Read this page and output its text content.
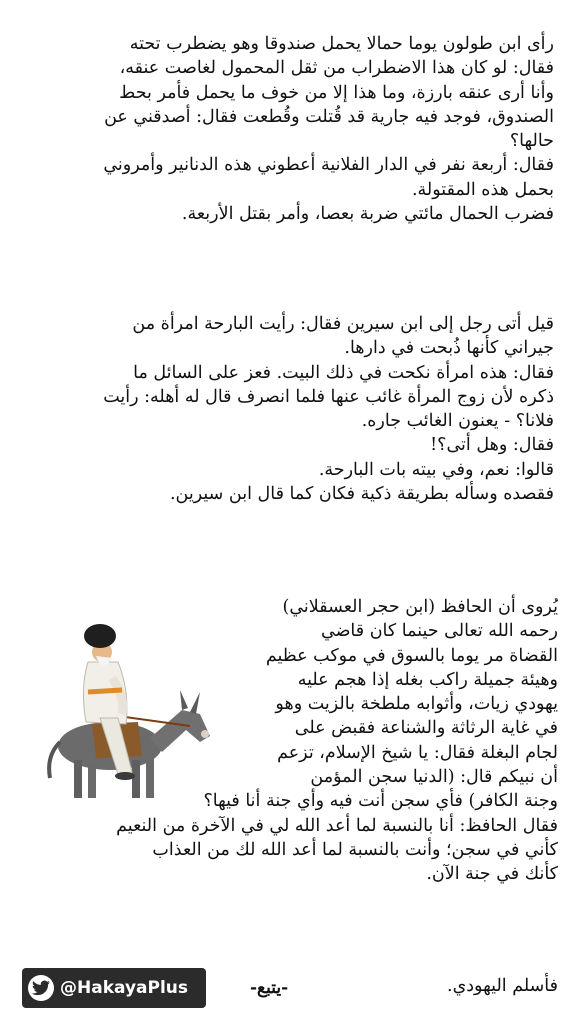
رأى ابن طولون يوما حمالا يحمل صندوقا وهو يضطرب تحته

فقال: لو كان هذا الاضطراب من ثقل المحمول لغاصت عنقه،

وأنا أرى عنقه بارزة، وما هذا إلا من خوف ما يحمل فأمر بحط

الصندوق، فوجد فيه جارية قد قُتلت وقُطعت فقال: أصدقني عن

حالها؟

فقال: أربعة نفر في الدار الفلانية أعطوني هذه الدنانير وأمروني

بحمل هذه المقتولة.

فضرب الحمال مائتي ضربة بعصا، وأمر بقتل الأربعة.

قيل أتى رجل إلى ابن سيرين فقال: رأيت البارحة امرأة من

جيراني كأنها ذُبحت في دارها.

فقال: هذه امرأة نكحت في ذلك البيت. فعز على السائل ما

ذكره لأن زوج المرأة غائب عنها فلما انصرف قال له أهله: رأيت

فلانا؟ - يعنون الغائب جاره.

فقال: وهل أتى؟!

قالوا: نعم، وفي بيته بات البارحة.

فقصده وسأله بطريقة ذكية فكان كما قال ابن سيرين.

يُروى أن الحافظ (ابن حجر العسقلاني)

رحمه الله تعالى حينما كان قاضي

القضاة مر يوما بالسوق في موكب عظيم

وهيئة جميلة راكب بغله إذا هجم عليه

يهودي زيات، وأثوابه ملطخة بالزيت وهو

في غاية الرثاثة والشناعة فقبض على

لجام البغلة فقال: يا شيخ الإسلام، تزعم

أن نبيكم قال: (الدنيا سجن المؤمن

وجنة الكافر) فأي سجن أنت فيه وأي جنة أنا فيها؟

فقال الحافظ: أنا بالنسبة لما أعد الله لي في الآخرة من النعيم

كأني في سجن؛ وأنت بالنسبة لما أعد الله لك من العذاب

كأنك في جنة الآن.

@HakayaPlus	-يتبع-	فأسلم اليهودي.
